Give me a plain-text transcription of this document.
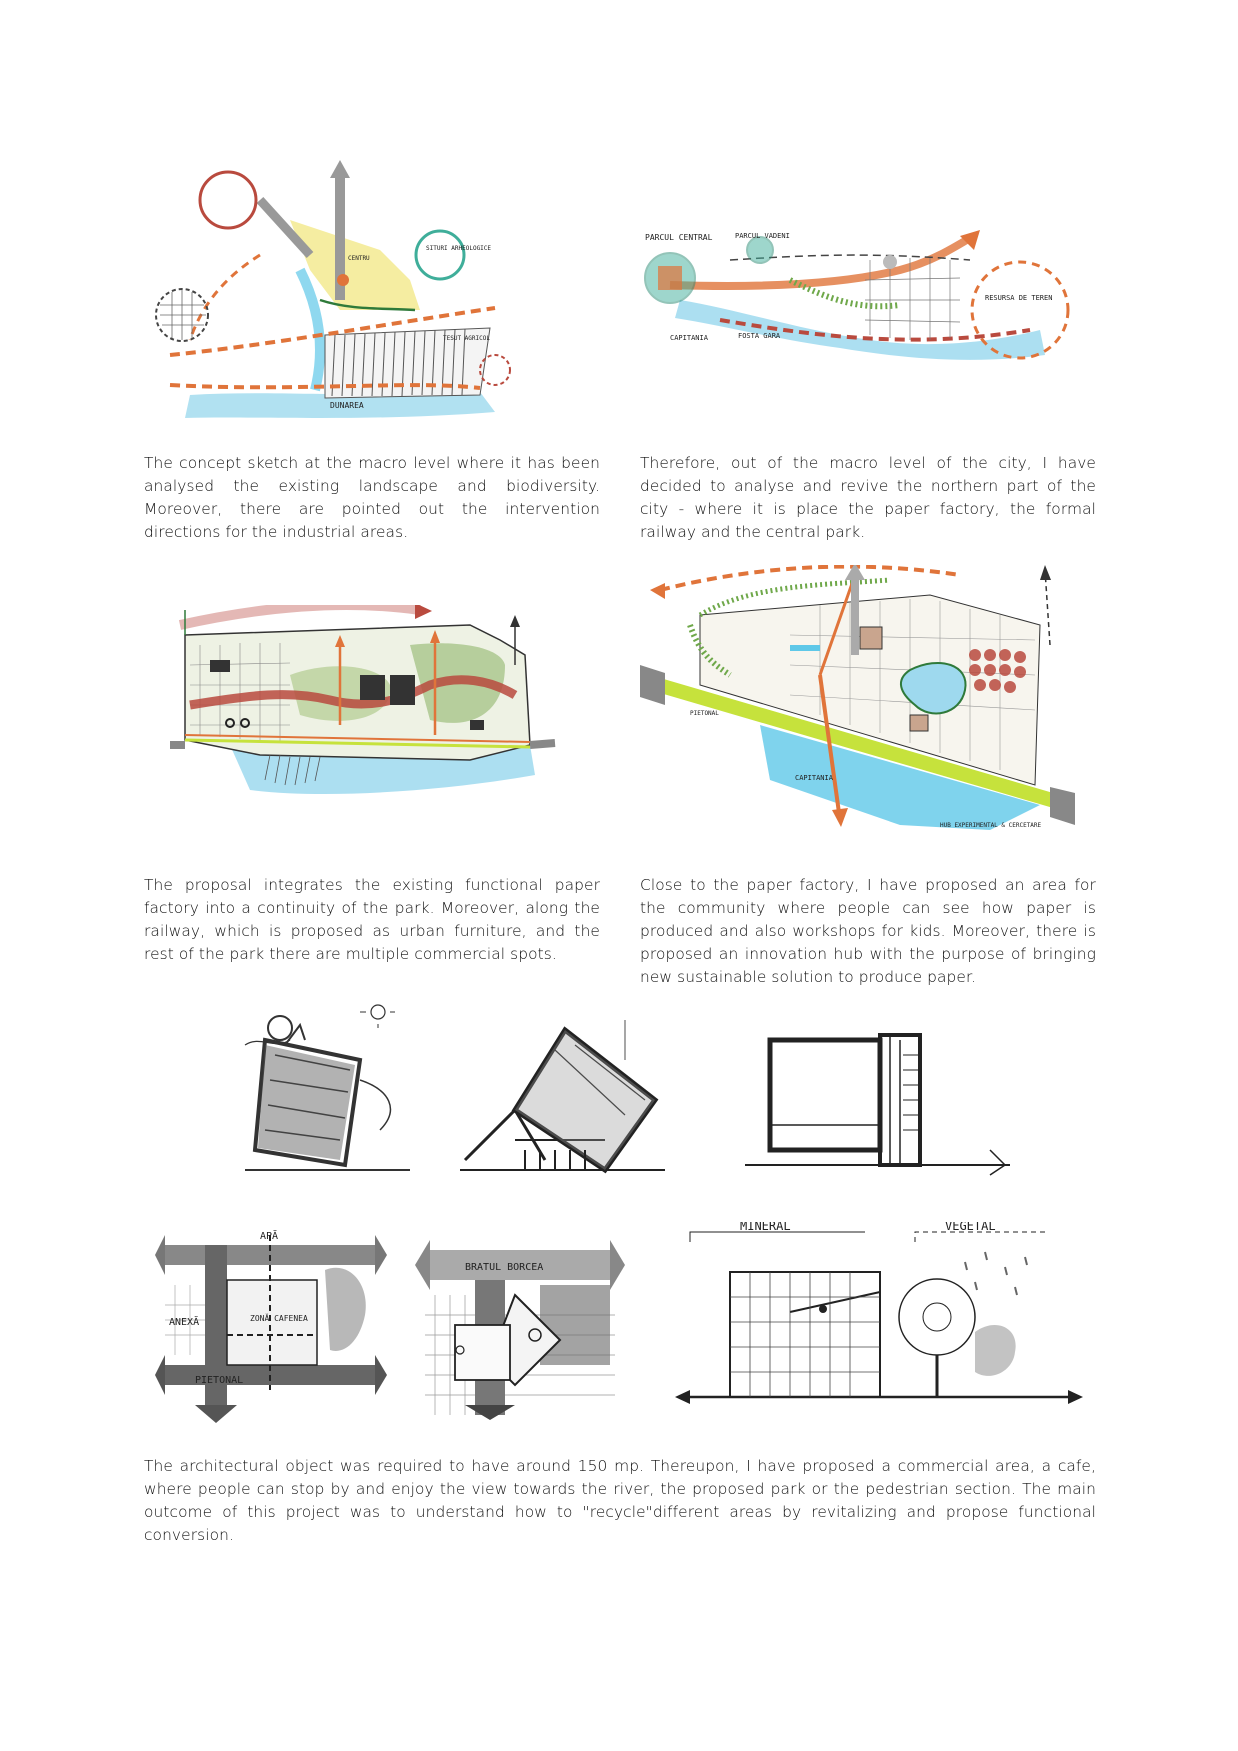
DUNAREA
SITURI ARHEOLOGICE
CENTRU
TESUT AGRICOL
PARCUL CENTRAL	PARCUL VADENI
CAPITANIA	FOSTA GARA
RESURSA DE TEREN

The concept sketch at the macro level where it has been analysed the existing landscape and biodiversity. Moreover, there are pointed out the intervention directions for the industrial areas.

Therefore, out of the macro level of the city, I have decided to analyse and revive the northern part of the city - where it is place the paper factory, the formal railway and the central park.

CAPITANIA
PIETONAL
HUB EXPERIMENTAL & CERCETARE

The proposal integrates the existing functional paper factory into a continuity of the park. Moreover, along the railway, which is proposed as urban furniture, and the rest of the park there are multiple commercial spots.

Close to the paper factory, I have proposed an area for the community where people can see how paper is produced and also workshops for kids. Moreover, there is proposed an innovation hub with the purpose of bringing new sustainable solution to produce paper.

APĂ
ANEXĂ	ZONĂ CAFENEA
PIETONAL
BRATUL BORCEA
MINERAL	VEGETAL

The architectural object was required to have around 150 mp. Thereupon, I have proposed a commercial area, a cafe, where people can stop by and enjoy the view towards the river, the proposed park or the pedestrian section. The main outcome of this project was to understand how to "recycle"different areas by revitalizing and propose functional conversion.
